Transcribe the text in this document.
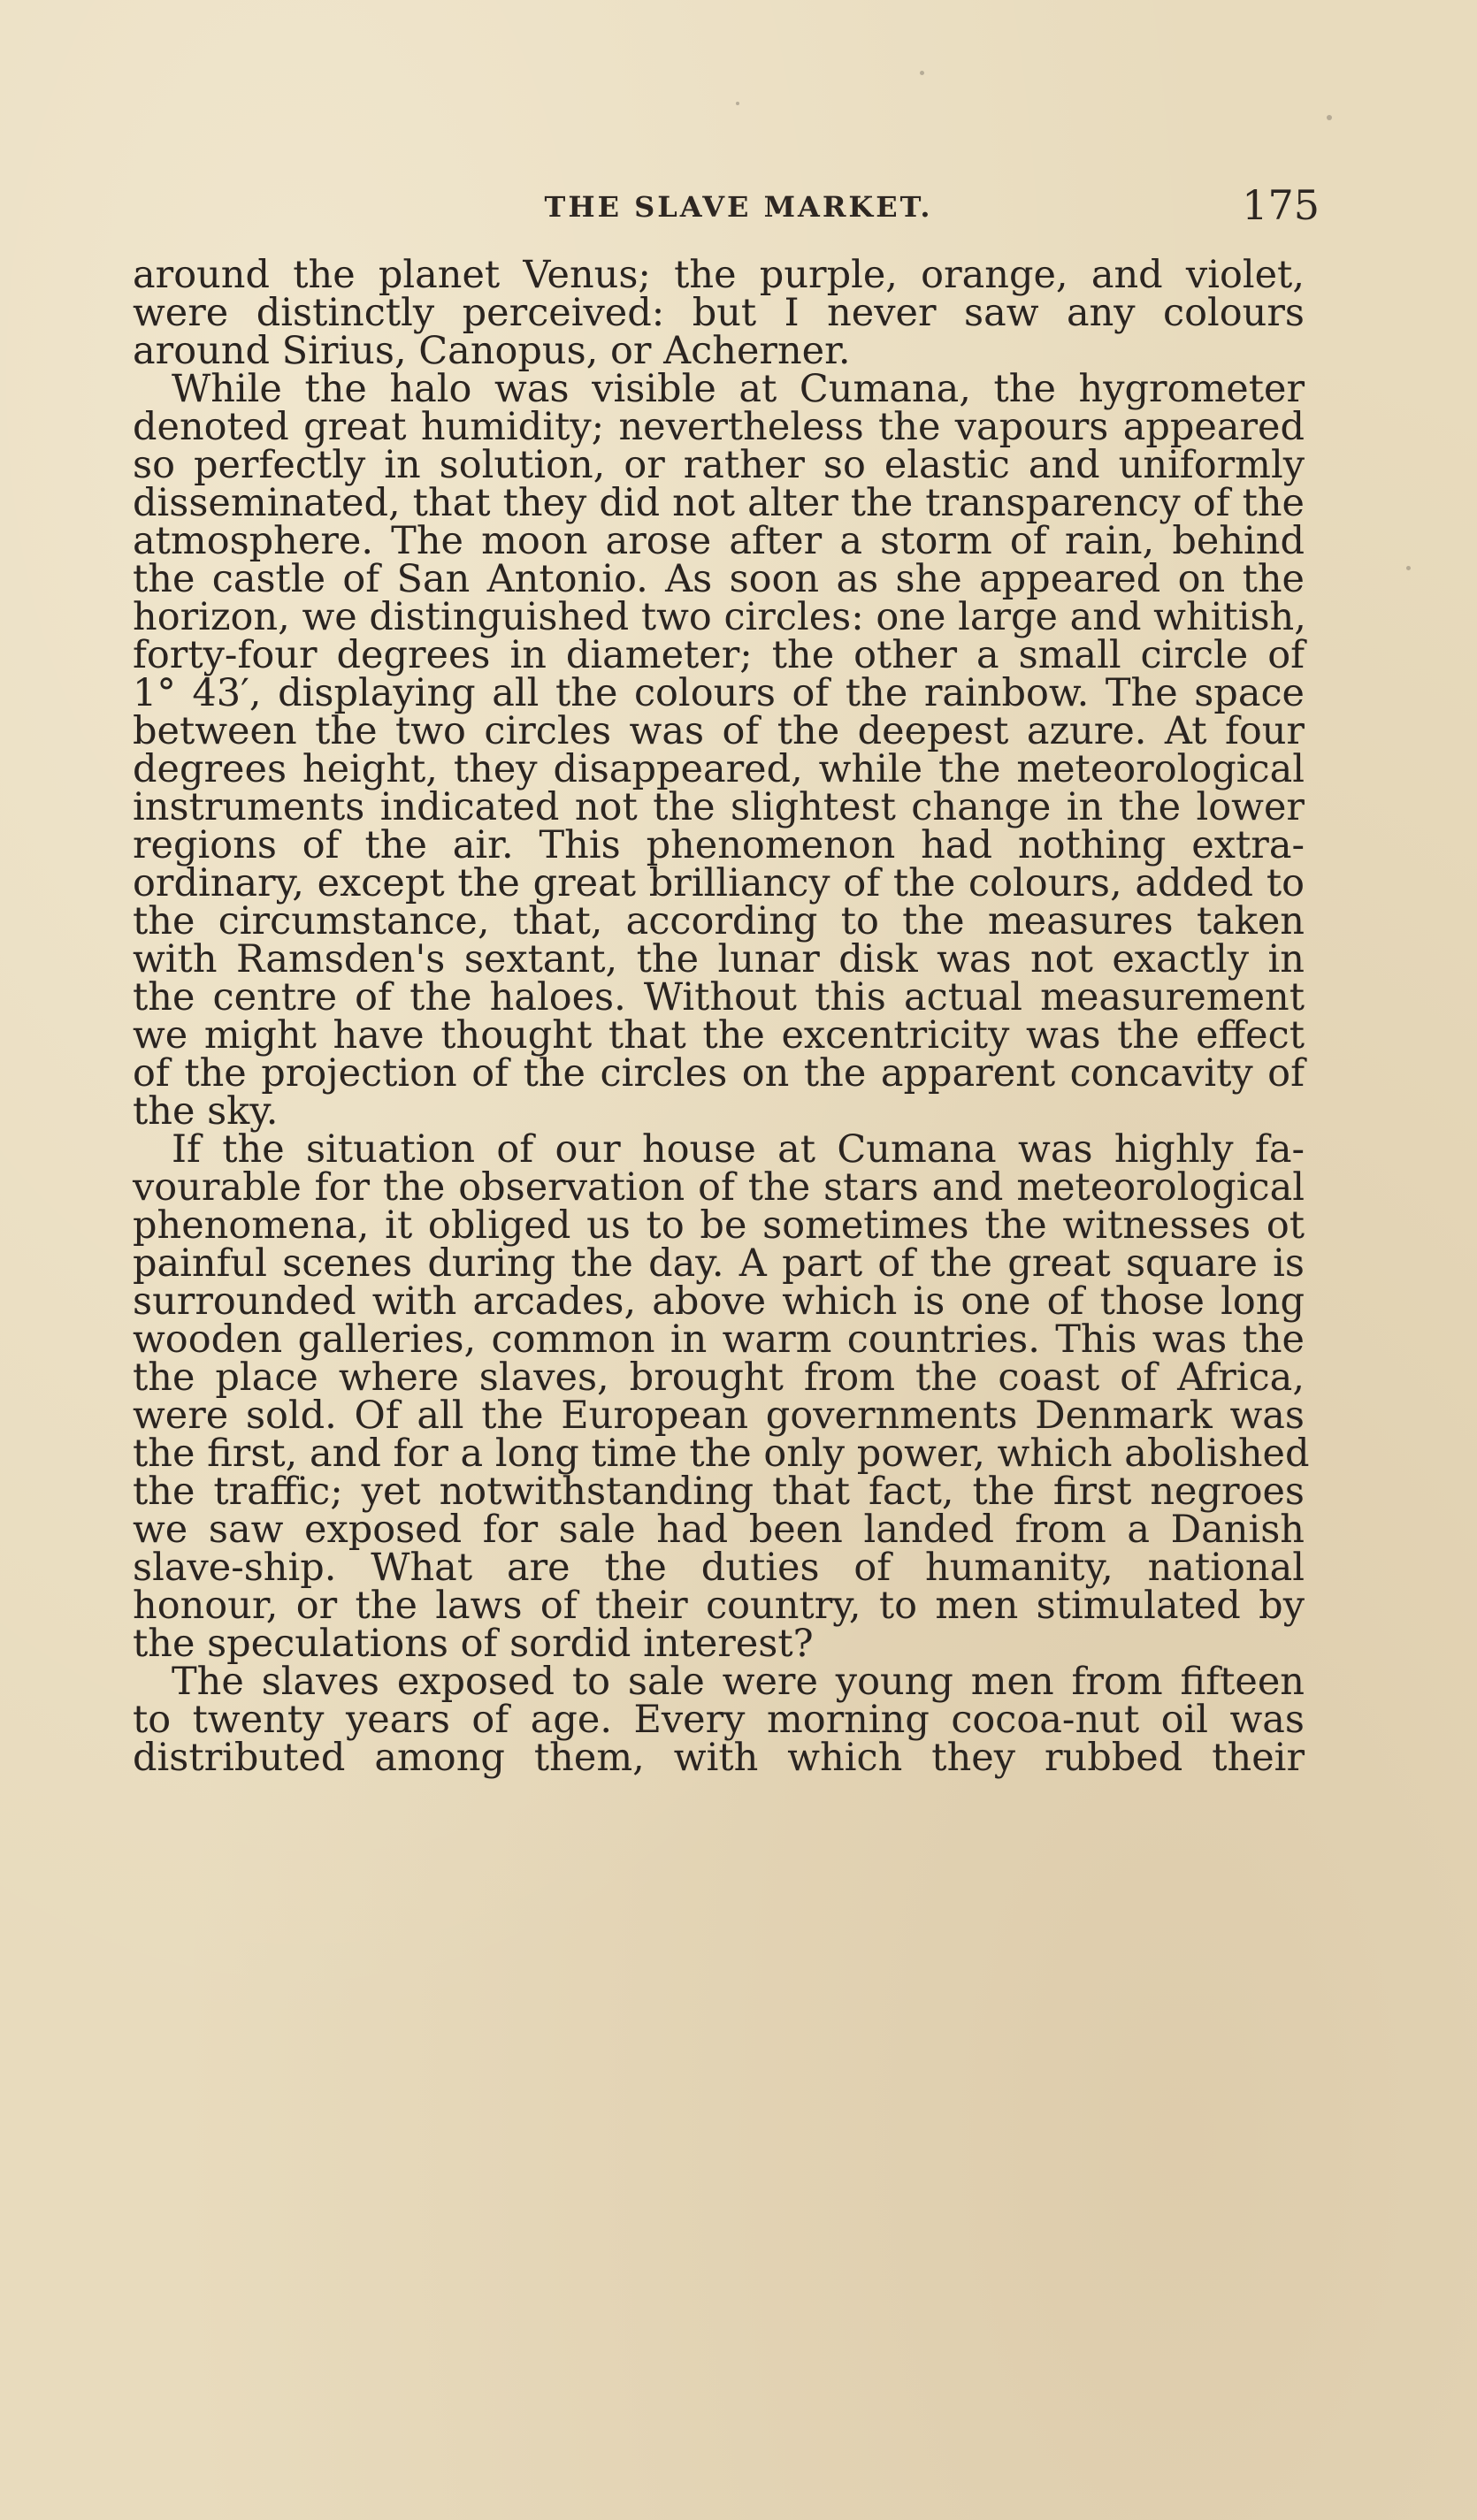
THE SLAVE MARKET.	175
around the planet Venus; the purple, orange, and violet,
were distinctly perceived: but I never saw any colours
around Sirius, Canopus, or Acherner.
While the halo was visible at Cumana, the hygrometer
denoted great humidity; nevertheless the vapours appeared
so perfectly in solution, or rather so elastic and uniformly
disseminated, that they did not alter the transparency of the
atmosphere. The moon arose after a storm of rain, behind
the castle of San Antonio. As soon as she appeared on the
horizon, we distinguished two circles: one large and whitish,
forty-four degrees in diameter; the other a small circle of
1° 43′, displaying all the colours of the rainbow. The space
between the two circles was of the deepest azure. At four
degrees height, they disappeared, while the meteorological
instruments indicated not the slightest change in the lower
regions of the air. This phenomenon had nothing extra-
ordinary, except the great brilliancy of the colours, added to
the circumstance, that, according to the measures taken
with Ramsden's sextant, the lunar disk was not exactly in
the centre of the haloes. Without this actual measurement
we might have thought that the excentricity was the effect
of the projection of the circles on the apparent concavity of
the sky.
If the situation of our house at Cumana was highly fa-
vourable for the observation of the stars and meteorological
phenomena, it obliged us to be sometimes the witnesses ot
painful scenes during the day. A part of the great square is
surrounded with arcades, above which is one of those long
wooden galleries, common in warm countries. This was the
the place where slaves, brought from the coast of Africa,
were sold. Of all the European governments Denmark was
the first, and for a long time the only power, which abolished
the traffic; yet notwithstanding that fact, the first negroes
we saw exposed for sale had been landed from a Danish
slave-ship. What are the duties of humanity, national
honour, or the laws of their country, to men stimulated by
the speculations of sordid interest?
The slaves exposed to sale were young men from fifteen
to twenty years of age. Every morning cocoa-nut oil was
distributed among them, with which they rubbed their
